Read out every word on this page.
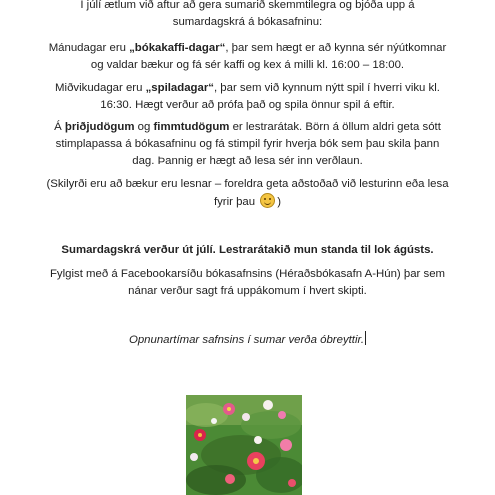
Í júlí ætlum við aftur að gera sumarið skemmtilegra og bjóða upp á

sumardagskrá á bókasafninu:

Mánudagar eru „bókakaffi-dagar“, þar sem hægt er að kynna sér nýútkomnar

og valdar bækur og fá sér kaffi og kex á milli kl. 16:00 – 18:00.

Miðvikudagar eru „spiladagar“, þar sem við kynnum nýtt spil í hverri viku kl.

16:30. Hægt verður að prófa það og spila önnur spil á eftir.

Á þriðjudögum og fimmtudögum er lestrarátak. Börn á öllum aldri geta sótt

stimplapassa á bókasafninu og fá stimpil fyrir hverja bók sem þau skila þann

dag. Þannig er hægt að lesa sér inn verðlaun.

(Skilyrði eru að bækur eru lesnar – foreldra geta aðstoðað við lesturinn eða lesa

fyrir þau )

Sumardagskrá verður út júlí. Lestrarátakið mun standa til lok ágústs.

Fylgist með á Facebookarsíðu bókasafnsins (Héraðsbókasafn A-Hún) þar sem

nánar verður sagt frá uppákomum í hvert skipti.

Opnunartímar safnsins í sumar verða óbreyttir.
